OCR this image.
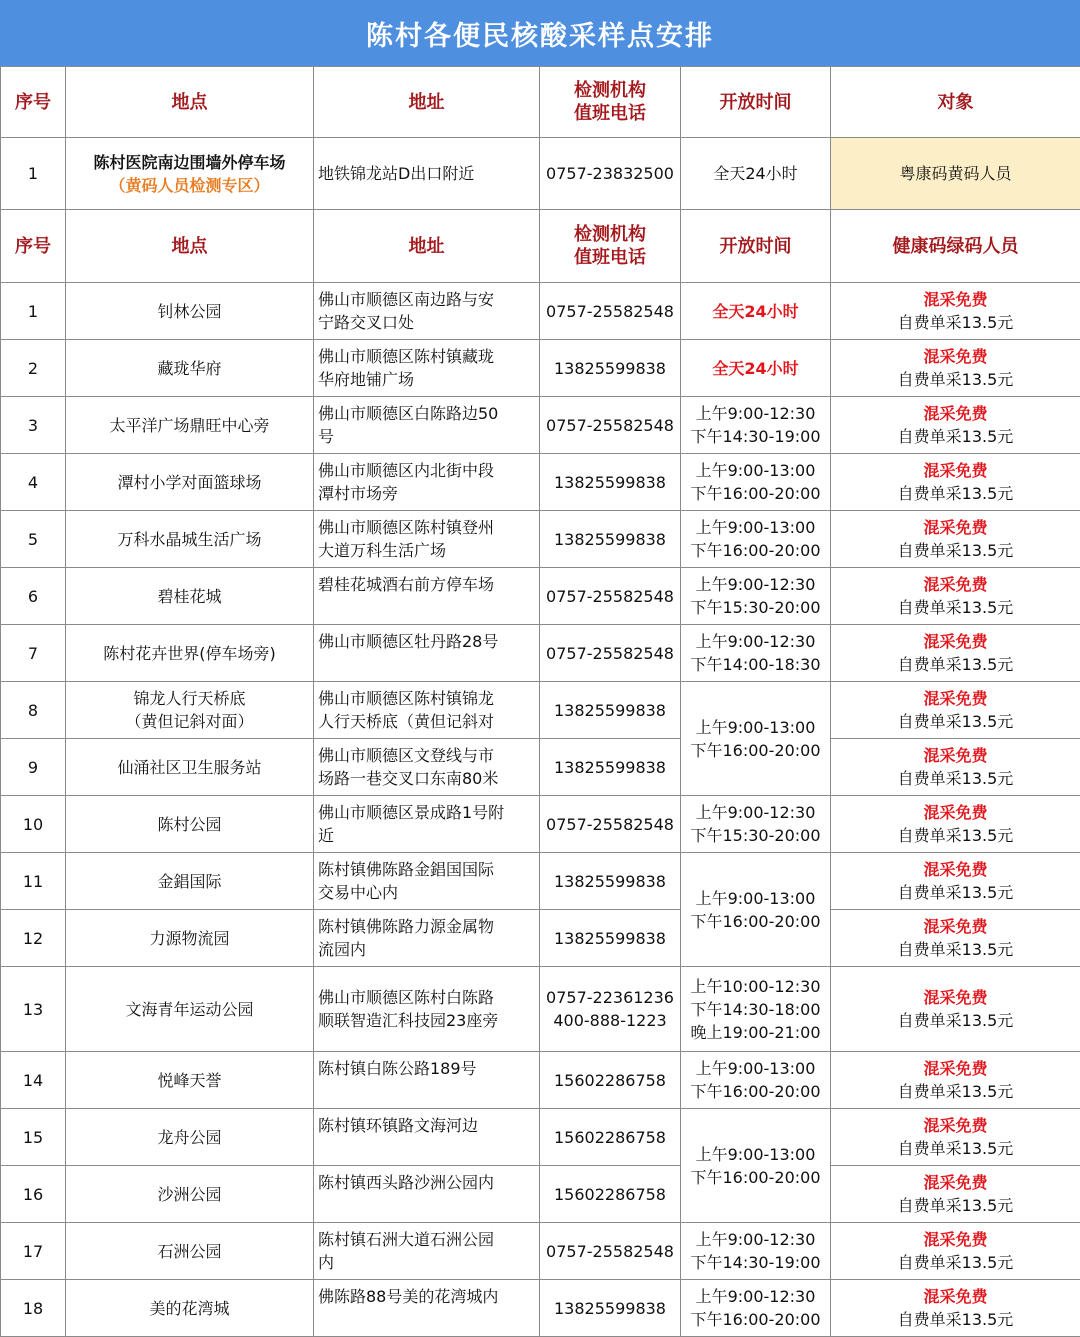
陈村各便民核酸采样点安排
序号	地点	地址	检测机构
值班电话	开放时间	对象
1	陈村医院南边围墙外停车场
（黄码人员检测专区）	地铁锦龙站D出口附近	0757-23832500	全天24小时	粤康码黄码人员
序号	地点	地址	检测机构
值班电话	开放时间	健康码绿码人员
1	钊林公园	佛山市顺德区南边路与安
宁路交叉口处	0757-25582548	全天24小时	混采免费
自费单采13.5元

2	藏珑华府	佛山市顺德区陈村镇藏珑
华府地铺广场	13825599838	全天24小时	混采免费
自费单采13.5元

3	太平洋广场鼎旺中心旁	佛山市顺德区白陈路边50
号	0757-25582548	上午9:00-12:30
下午14:30-19:00	混采免费
自费单采13.5元

4	潭村小学对面篮球场	佛山市顺德区内北街中段
潭村市场旁	13825599838	上午9:00-13:00
下午16:00-20:00	混采免费
自费单采13.5元

5	万科水晶城生活广场	佛山市顺德区陈村镇登州
大道万科生活广场	13825599838	上午9:00-13:00
下午16:00-20:00	混采免费
自费单采13.5元

6	碧桂花城	碧桂花城酒右前方停车场	0757-25582548	上午9:00-12:30
下午15:30-20:00	混采免费
自费单采13.5元

7	陈村花卉世界(停车场旁)	佛山市顺德区牡丹路28号	0757-25582548	上午9:00-12:30
下午14:00-18:30	混采免费
自费单采13.5元

8	锦龙人行天桥底
（黄但记斜对面）	佛山市顺德区陈村镇锦龙
人行天桥底（黄但记斜对	13825599838	上午9:00-13:00
下午16:00-20:00	混采免费
自费单采13.5元

9	仙涌社区卫生服务站	佛山市顺德区文登线与市
场路一巷交叉口东南80米	13825599838		混采免费
自费单采13.5元

10	陈村公园	佛山市顺德区景成路1号附
近	0757-25582548	上午9:00-12:30
下午15:30-20:00	混采免费
自费单采13.5元

11	金錩国际	陈村镇佛陈路金錩国国际
交易中心内	13825599838	上午9:00-13:00
下午16:00-20:00	混采免费
自费单采13.5元

12	力源物流园	陈村镇佛陈路力源金属物
流园内	13825599838		混采免费
自费单采13.5元

13	文海青年运动公园	佛山市顺德区陈村白陈路
顺联智造汇科技园23座旁	0757-22361236
400-888-1223	上午10:00-12:30
下午14:30-18:00
晚上19:00-21:00	混采免费
自费单采13.5元

14	悦峰天誉	陈村镇白陈公路189号	15602286758	上午9:00-13:00
下午16:00-20:00	混采免费
自费单采13.5元

15	龙舟公园	陈村镇环镇路文海河边	15602286758	上午9:00-13:00
下午16:00-20:00	混采免费
自费单采13.5元

16	沙洲公园	陈村镇西头路沙洲公园内	15602286758		混采免费
自费单采13.5元

17	石洲公园	陈村镇石洲大道石洲公园
内	0757-25582548	上午9:00-12:30
下午14:30-19:00	混采免费
自费单采13.5元

18	美的花湾城	佛陈路88号美的花湾城内	13825599838	上午9:00-12:30
下午16:00-20:00	混采免费
自费单采13.5元
